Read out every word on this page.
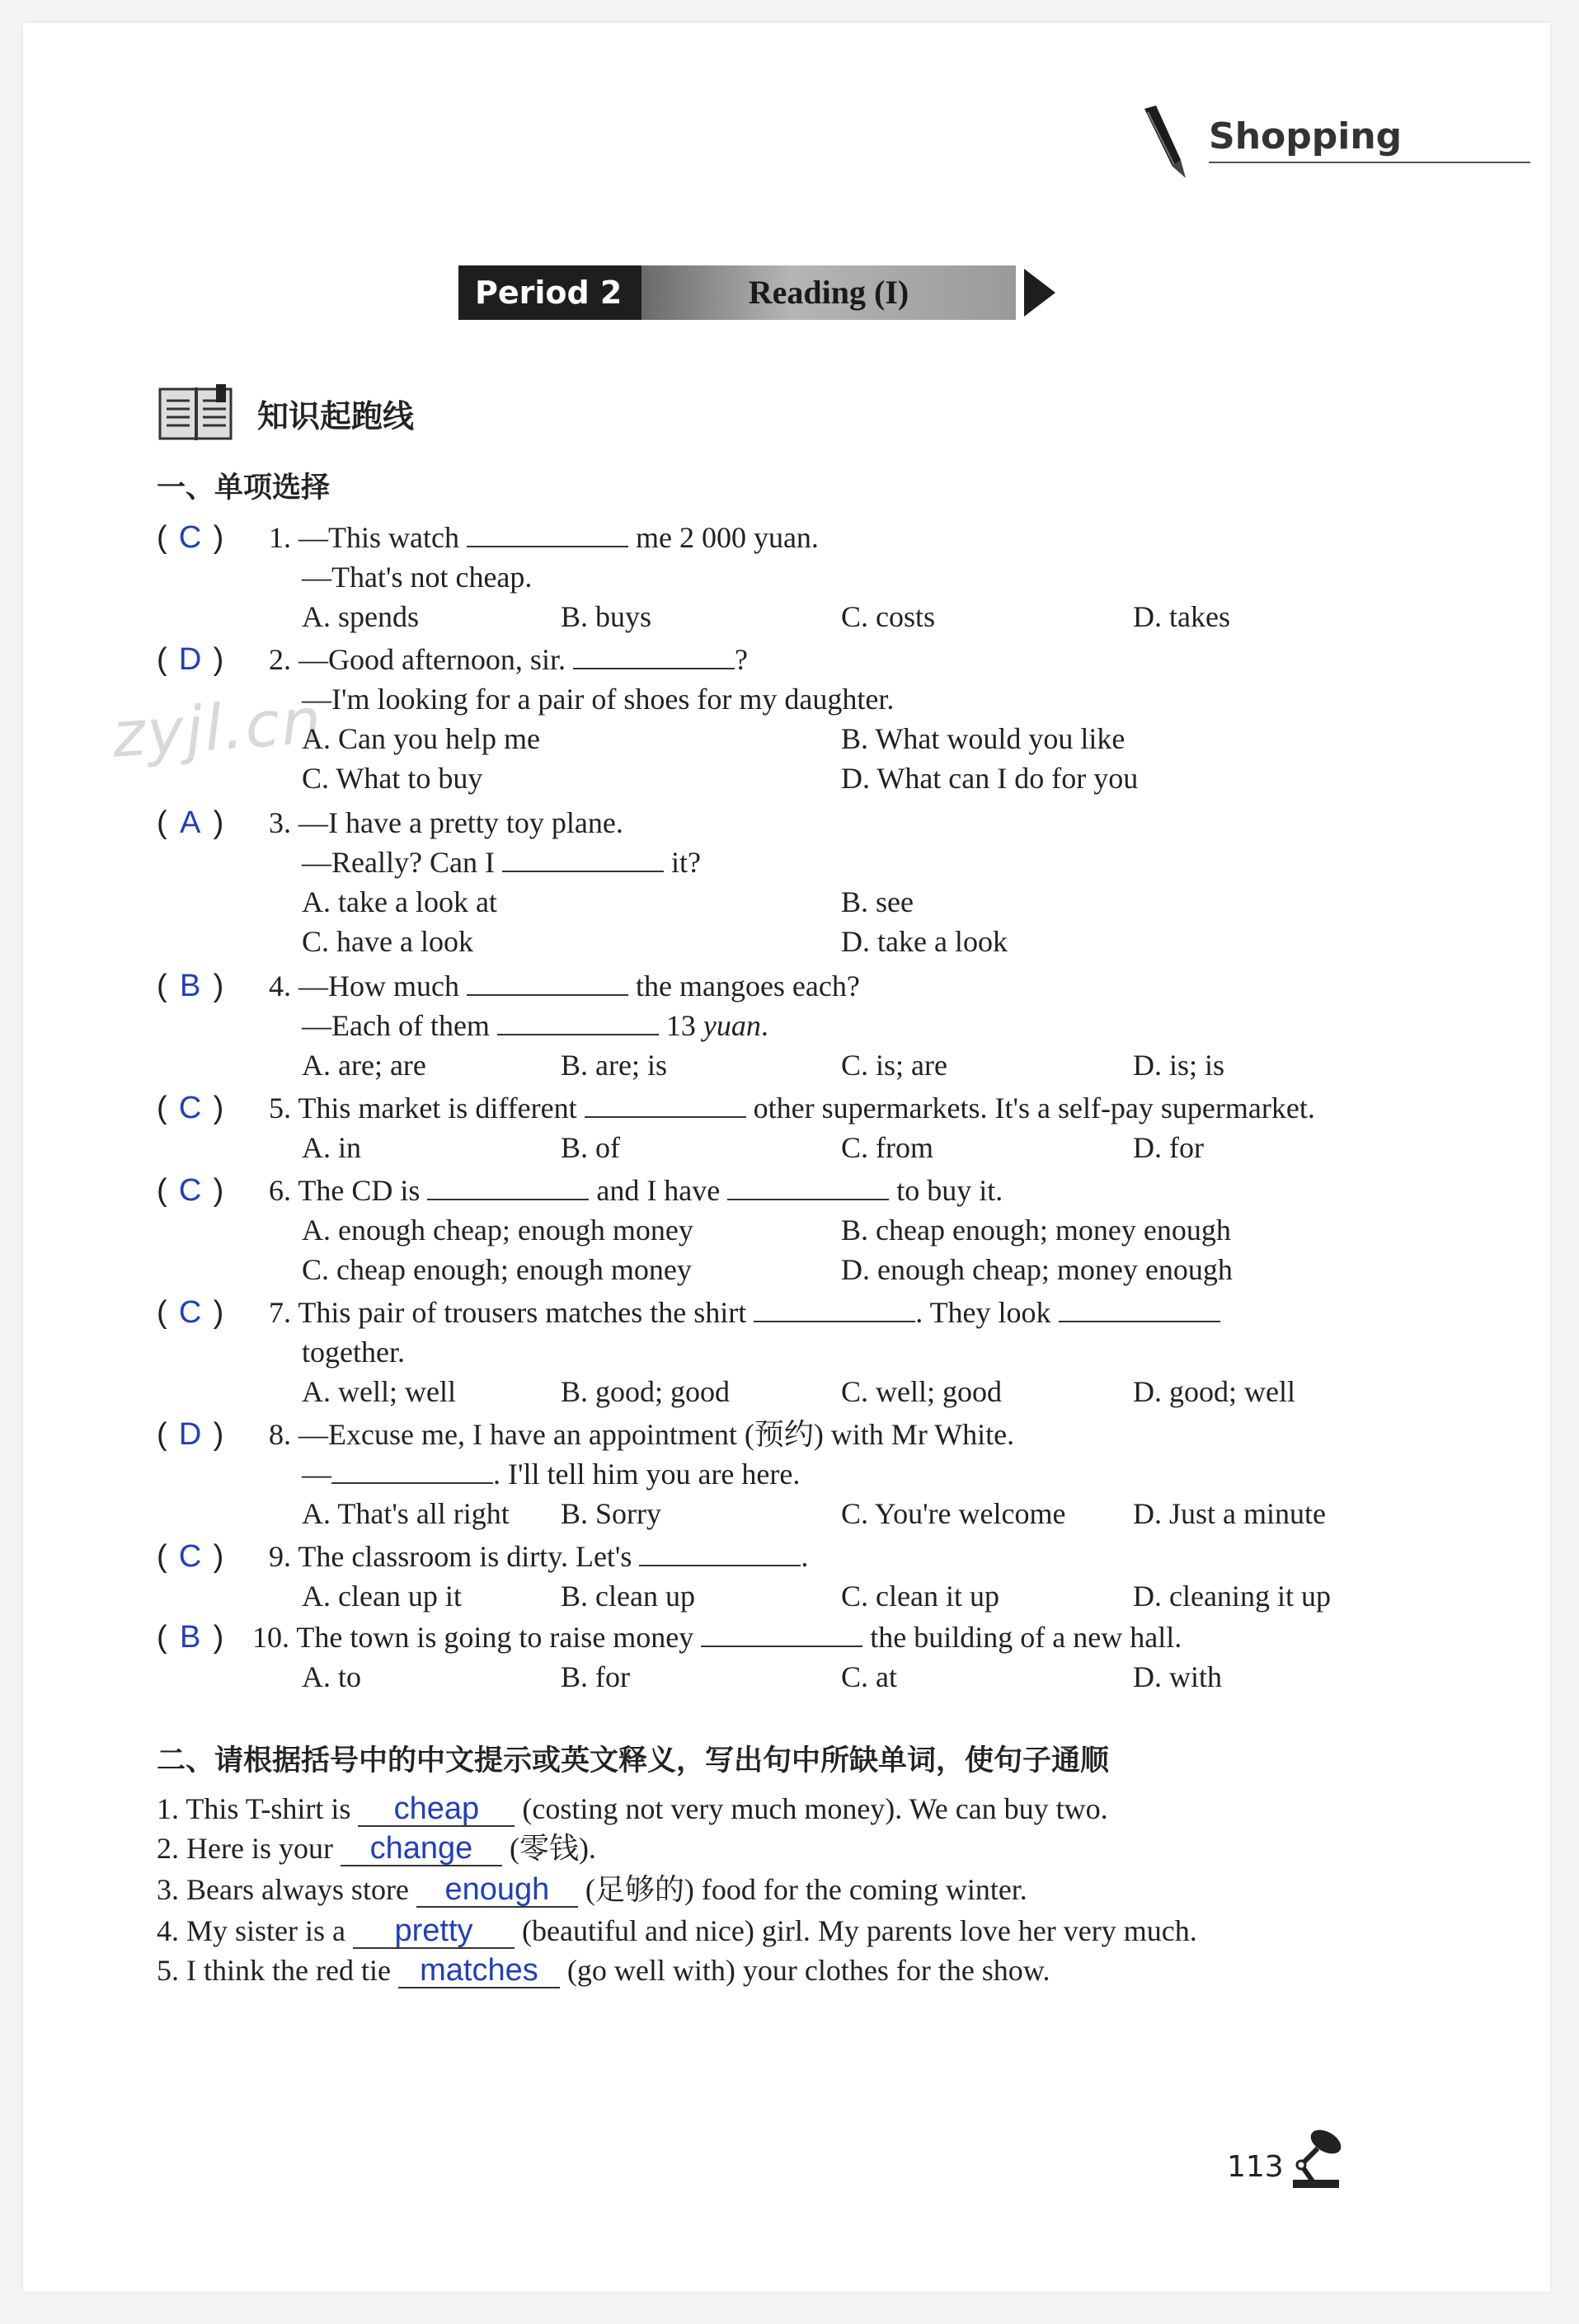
Shopping
Period 2	Reading (I)
知识起跑线
zyjl.cn
一、单项选择
( C ) 1. —This watch	me 2 000 yuan.
—That's not cheap.
A. spends	B. buys	C. costs	D. takes
( D ) 2. —Good afternoon, sir.	?
—I'm looking for a pair of shoes for my daughter.
A. Can you help me	B. What would you like
C. What to buy	D. What can I do for you
( A ) 3. —I have a pretty toy plane.
—Really? Can I	it?
A. take a look at	B. see
C. have a look	D. take a look
( B ) 4. —How much	the mangoes each?
—Each of them	13 yuan.
A. are; are	B. are; is	C. is; are	D. is; is
( C ) 5. This market is different	other supermarkets. It's a self-pay supermarket.
A. in	B. of	C. from	D. for
( C ) 6. The CD is	and I have	to buy it.
A. enough cheap; enough money	B. cheap enough; money enough
C. cheap enough; enough money	D. enough cheap; money enough
( C ) 7. This pair of trousers matches the shirt	. They look
together.
A. well; well	B. good; good	C. well; good	D. good; well
( D ) 8. —Excuse me, I have an appointment (预约) with Mr White.
—	. I'll tell him you are here.
A. That's all right B. Sorry	C. You're welcome D. Just a minute
( C ) 9. The classroom is dirty. Let's	.
A. clean up it	B. clean up	C. clean it up	D. cleaning it up
( B ) 10. The town is going to raise money	the building of a new hall.
A. to	B. for	C. at	D. with
二、请根据括号中的中文提示或英文释义，写出句中所缺单词，使句子通顺
1. This T-shirt is cheap (costing not very much money). We can buy two.
2. Here is your change (零钱).
3. Bears always store enough (足够的) food for the coming winter.
4. My sister is a pretty (beautiful and nice) girl. My parents love her very much.
5. I think the red tie matches (go well with) your clothes for the show.
113
